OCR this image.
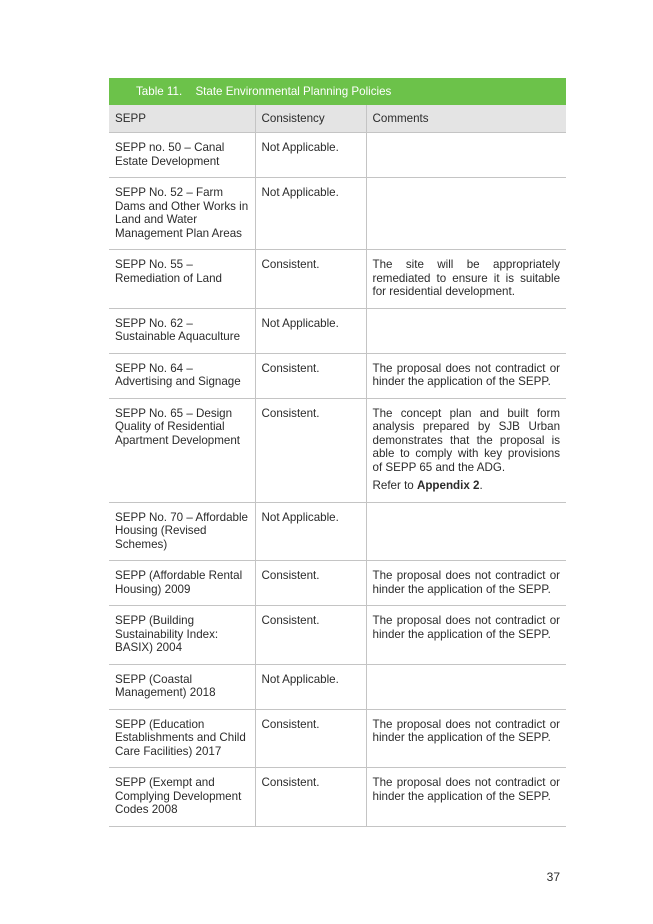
Table 11. State Environmental Planning Policies		
SEPP	Consistency	Comments
SEPP no. 50 – Canal Estate Development	Not Applicable.	

SEPP No. 52 – Farm Dams and Other Works in Land and Water Management Plan Areas	Not Applicable.	

SEPP No. 55 – Remediation of Land	Consistent.	The site will be appropriately remediated to ensure it is suitable for residential development.

SEPP No. 62 – Sustainable Aquaculture	Not Applicable.	

SEPP No. 64 – Advertising and Signage	Consistent.	The proposal does not contradict or hinder the application of the SEPP.

SEPP No. 65 – Design Quality of Residential Apartment Development	Consistent.	The concept plan and built form analysis prepared by SJB Urban demonstrates that the proposal is able to comply with key provisions of SEPP 65 and the ADG.
Refer to Appendix 2.

SEPP No. 70 – Affordable Housing (Revised Schemes)	Not Applicable.	

SEPP (Affordable Rental Housing) 2009	Consistent.	The proposal does not contradict or hinder the application of the SEPP.

SEPP (Building Sustainability Index: BASIX) 2004	Consistent.	The proposal does not contradict or hinder the application of the SEPP.

SEPP (Coastal Management) 2018	Not Applicable.	

SEPP (Education Establishments and Child Care Facilities) 2017	Consistent.	The proposal does not contradict or hinder the application of the SEPP.

SEPP (Exempt and Complying Development Codes 2008	Consistent.	The proposal does not contradict or hinder the application of the SEPP.
37
